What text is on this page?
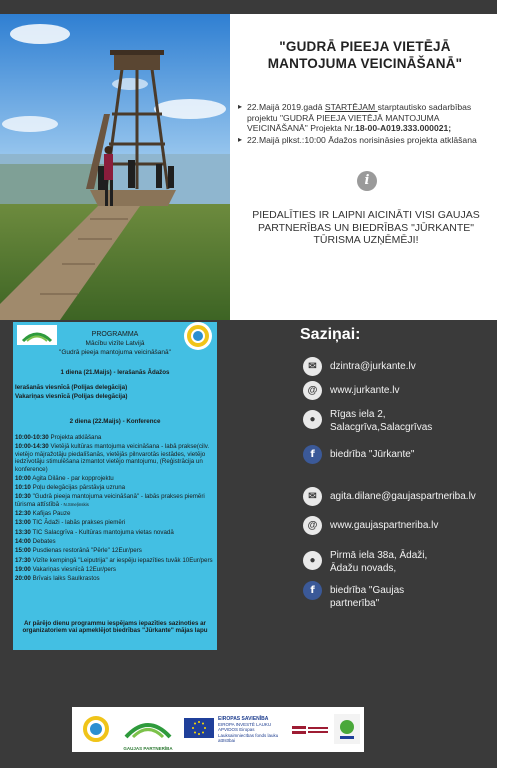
"GUDRĀ PIEEJA VIETĒJĀ MANTOJUMA VEICINĀŠANĀ"
▸ 22.Maijā 2019.gadā STARTĒJAM starptautisko sadarbības projektu "GUDRĀ PIEEJA VIETĒJĀ MANTOJUMA VEICINĀŠANĀ" Projekta Nr.18-00-A019.333.000021;
▸ 22.Maijā plkst.:10:00 Ādažos norisināsies projekta atklāšana
i

PIEDALĪTIES IR LAIPNI AICINĀTI VISI GAUJAS PARTNERĪBAS UN BIEDRĪBAS "JŪRKANTE" TŪRISMA UZŅĒMĒJI!

PROGRAMMA
Mācību vizīte Latvijā
"Gudrā pieeja mantojuma veicināšanā"
1 diena (21.Maijs) - Ierašanās Ādažos
Ierašanās viesnīcā (Polijas delegācija)
Vakariņas viesnīcā (Polijas delegācija)
2 diena (22.Maijs) - Konference
10:00-10:30 Projekta atklāšana
10:00-14:30 Vietējā kultūras mantojuma veicināšana - labā prakse(cilv. vietējo mājražotāju piedalīšanās, vietējās pilnvarotās iestādes, vietējo iedzīvotāju stimulēšana izmantot vietējo mantojumu, (Reģistrācija un konference)
10:00 Agita Dilāne - par kopprojektu
10:10 Poļu delegācijas pārstāvja uzruna
10:30 "Gudrā pieeja mantojuma veicināšanā" - labās prakses piemēri tūrisma attīstībā - N.Smeļinskis
12:30 Kafijas Pauze
13:00 TIC Ādaži - labās prakses piemēri
13:30 TIC Salacgrīva - Kultūras mantojuma vietas novadā
14:00 Debates
15:00 Pusdienas restorānā "Pērle" 12Eur/pers
17:30 Vizīte kempingā "Leiputrija" ar iespēju iepazīties tuvāk 10Eur/pers
19:00 Vakariņas viesnīcā 12Eur/pers
20:00 Brīvais laiks Saulkrastos
Ar pārējo dienu programmu iespējams iepazīties sazinoties ar organizatoriem vai apmeklējot biedrības "Jūrkante" mājas lapu
Saziņai:
✉	dzintra@jurkante.lv
@	www.jurkante.lv
●	Rīgas iela 2, Salacgrīva,Salacgrīvas
f	biedrība "Jūrkante"
✉	agita.dilane@gaujaspartneriba.lv
@	www.gaujaspartneriba.lv
●	Pirmā iela 38a, Ādaži, Ādažu novads,
f	biedrība "Gaujas partnerība"
GAUJAS PARTNERĪBA
EIROPAS SAVIENĪBA
EIROPA INVESTĒ LAUKU APVIDOS Eiropas Lauksaimniecības fonds lauku attīstībai
